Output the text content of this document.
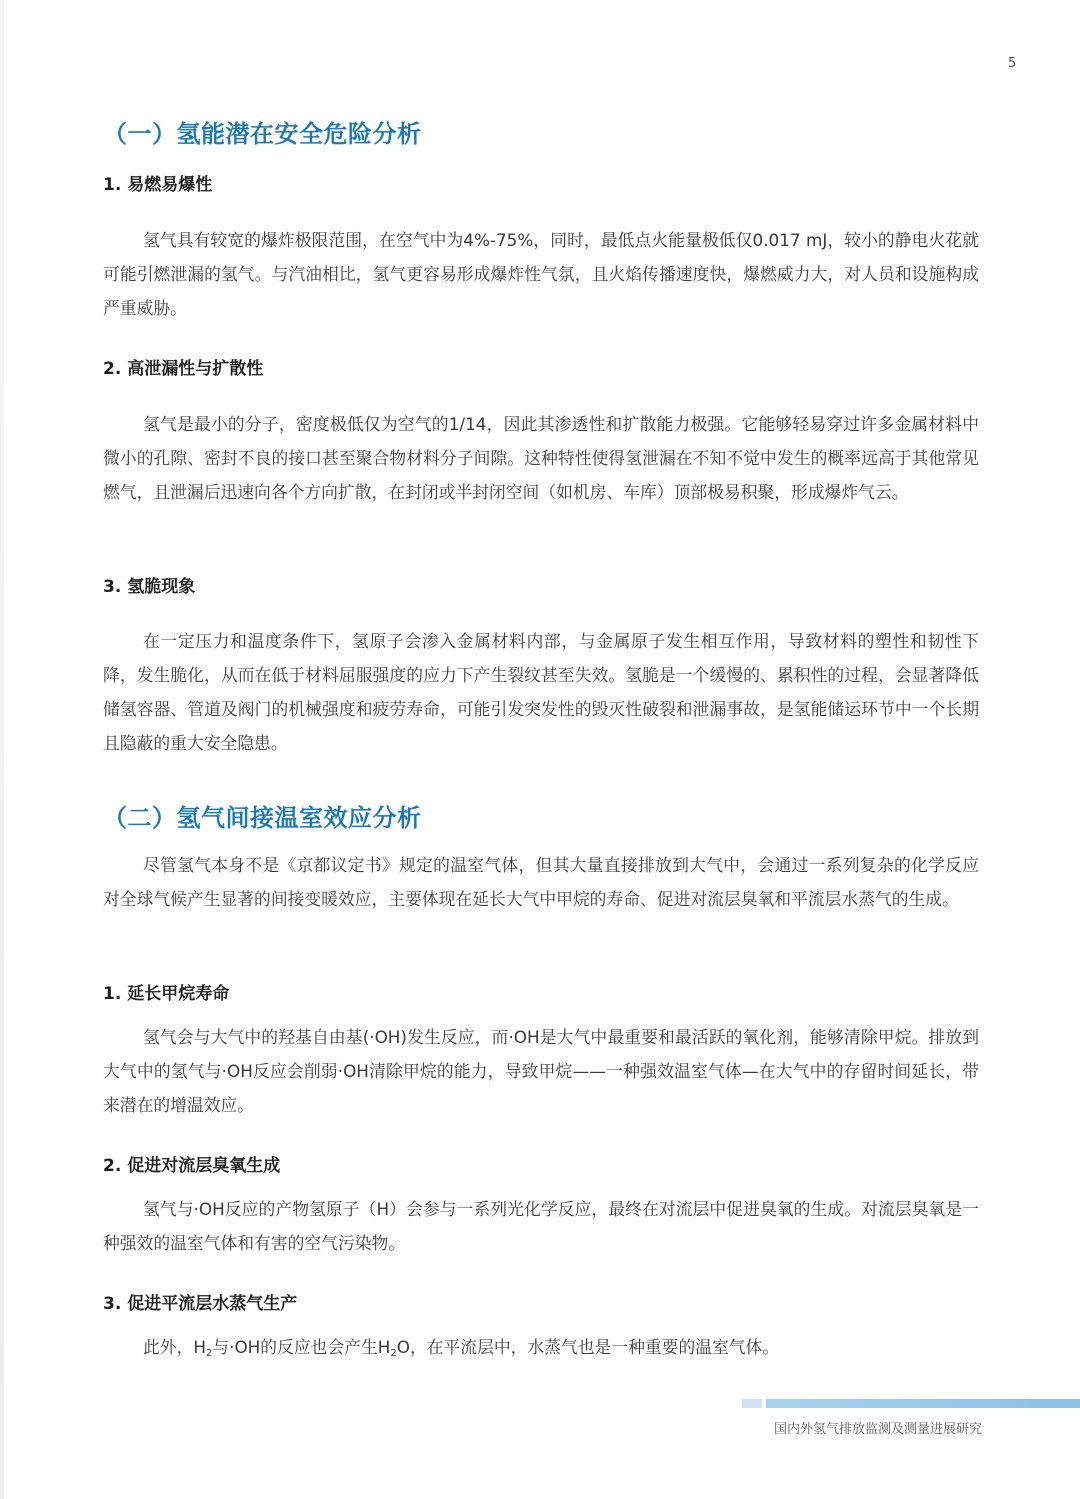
5
（一）氢能潜在安全危险分析
1. 易燃易爆性

氢气具有较宽的爆炸极限范围，在空气中为4%-75%，同时，最低点火能量极低仅0.017 mJ，较小的静电火花就可能引燃泄漏的氢气。与汽油相比，氢气更容易形成爆炸性气氛，且火焰传播速度快，爆燃威力大，对人员和设施构成严重威胁。

2. 高泄漏性与扩散性

氢气是最小的分子，密度极低仅为空气的1/14，因此其渗透性和扩散能力极强。它能够轻易穿过许多金属材料中微小的孔隙、密封不良的接口甚至聚合物材料分子间隙。这种特性使得氢泄漏在不知不觉中发生的概率远高于其他常见燃气，且泄漏后迅速向各个方向扩散，在封闭或半封闭空间（如机房、车库）顶部极易积聚，形成爆炸气云。

3. 氢脆现象

在一定压力和温度条件下，氢原子会渗入金属材料内部，与金属原子发生相互作用，导致材料的塑性和韧性下降，发生脆化，从而在低于材料屈服强度的应力下产生裂纹甚至失效。氢脆是一个缓慢的、累积性的过程，会显著降低储氢容器、管道及阀门的机械强度和疲劳寿命，可能引发突发性的毁灭性破裂和泄漏事故，是氢能储运环节中一个长期且隐蔽的重大安全隐患。

（二）氢气间接温室效应分析

尽管氢气本身不是《京都议定书》规定的温室气体，但其大量直接排放到大气中，会通过一系列复杂的化学反应对全球气候产生显著的间接变暖效应，主要体现在延长大气中甲烷的寿命、促进对流层臭氧和平流层水蒸气的生成。

1. 延长甲烷寿命

氢气会与大气中的羟基自由基(·OH)发生反应，而·OH是大气中最重要和最活跃的氧化剂，能够清除甲烷。排放到大气中的氢气与·OH反应会削弱·OH清除甲烷的能力，导致甲烷——一种强效温室气体—在大气中的存留时间延长，带来潜在的增温效应。

2. 促进对流层臭氧生成

氢气与·OH反应的产物氢原子（H）会参与一系列光化学反应，最终在对流层中促进臭氧的生成。对流层臭氧是一种强效的温室气体和有害的空气污染物。

3. 促进平流层水蒸气生产

此外，$H_2$与·OH的反应也会产生$H_2O$，在平流层中，水蒸气也是一种重要的温室气体。

国内外氢气排放监测及测量进展研究
